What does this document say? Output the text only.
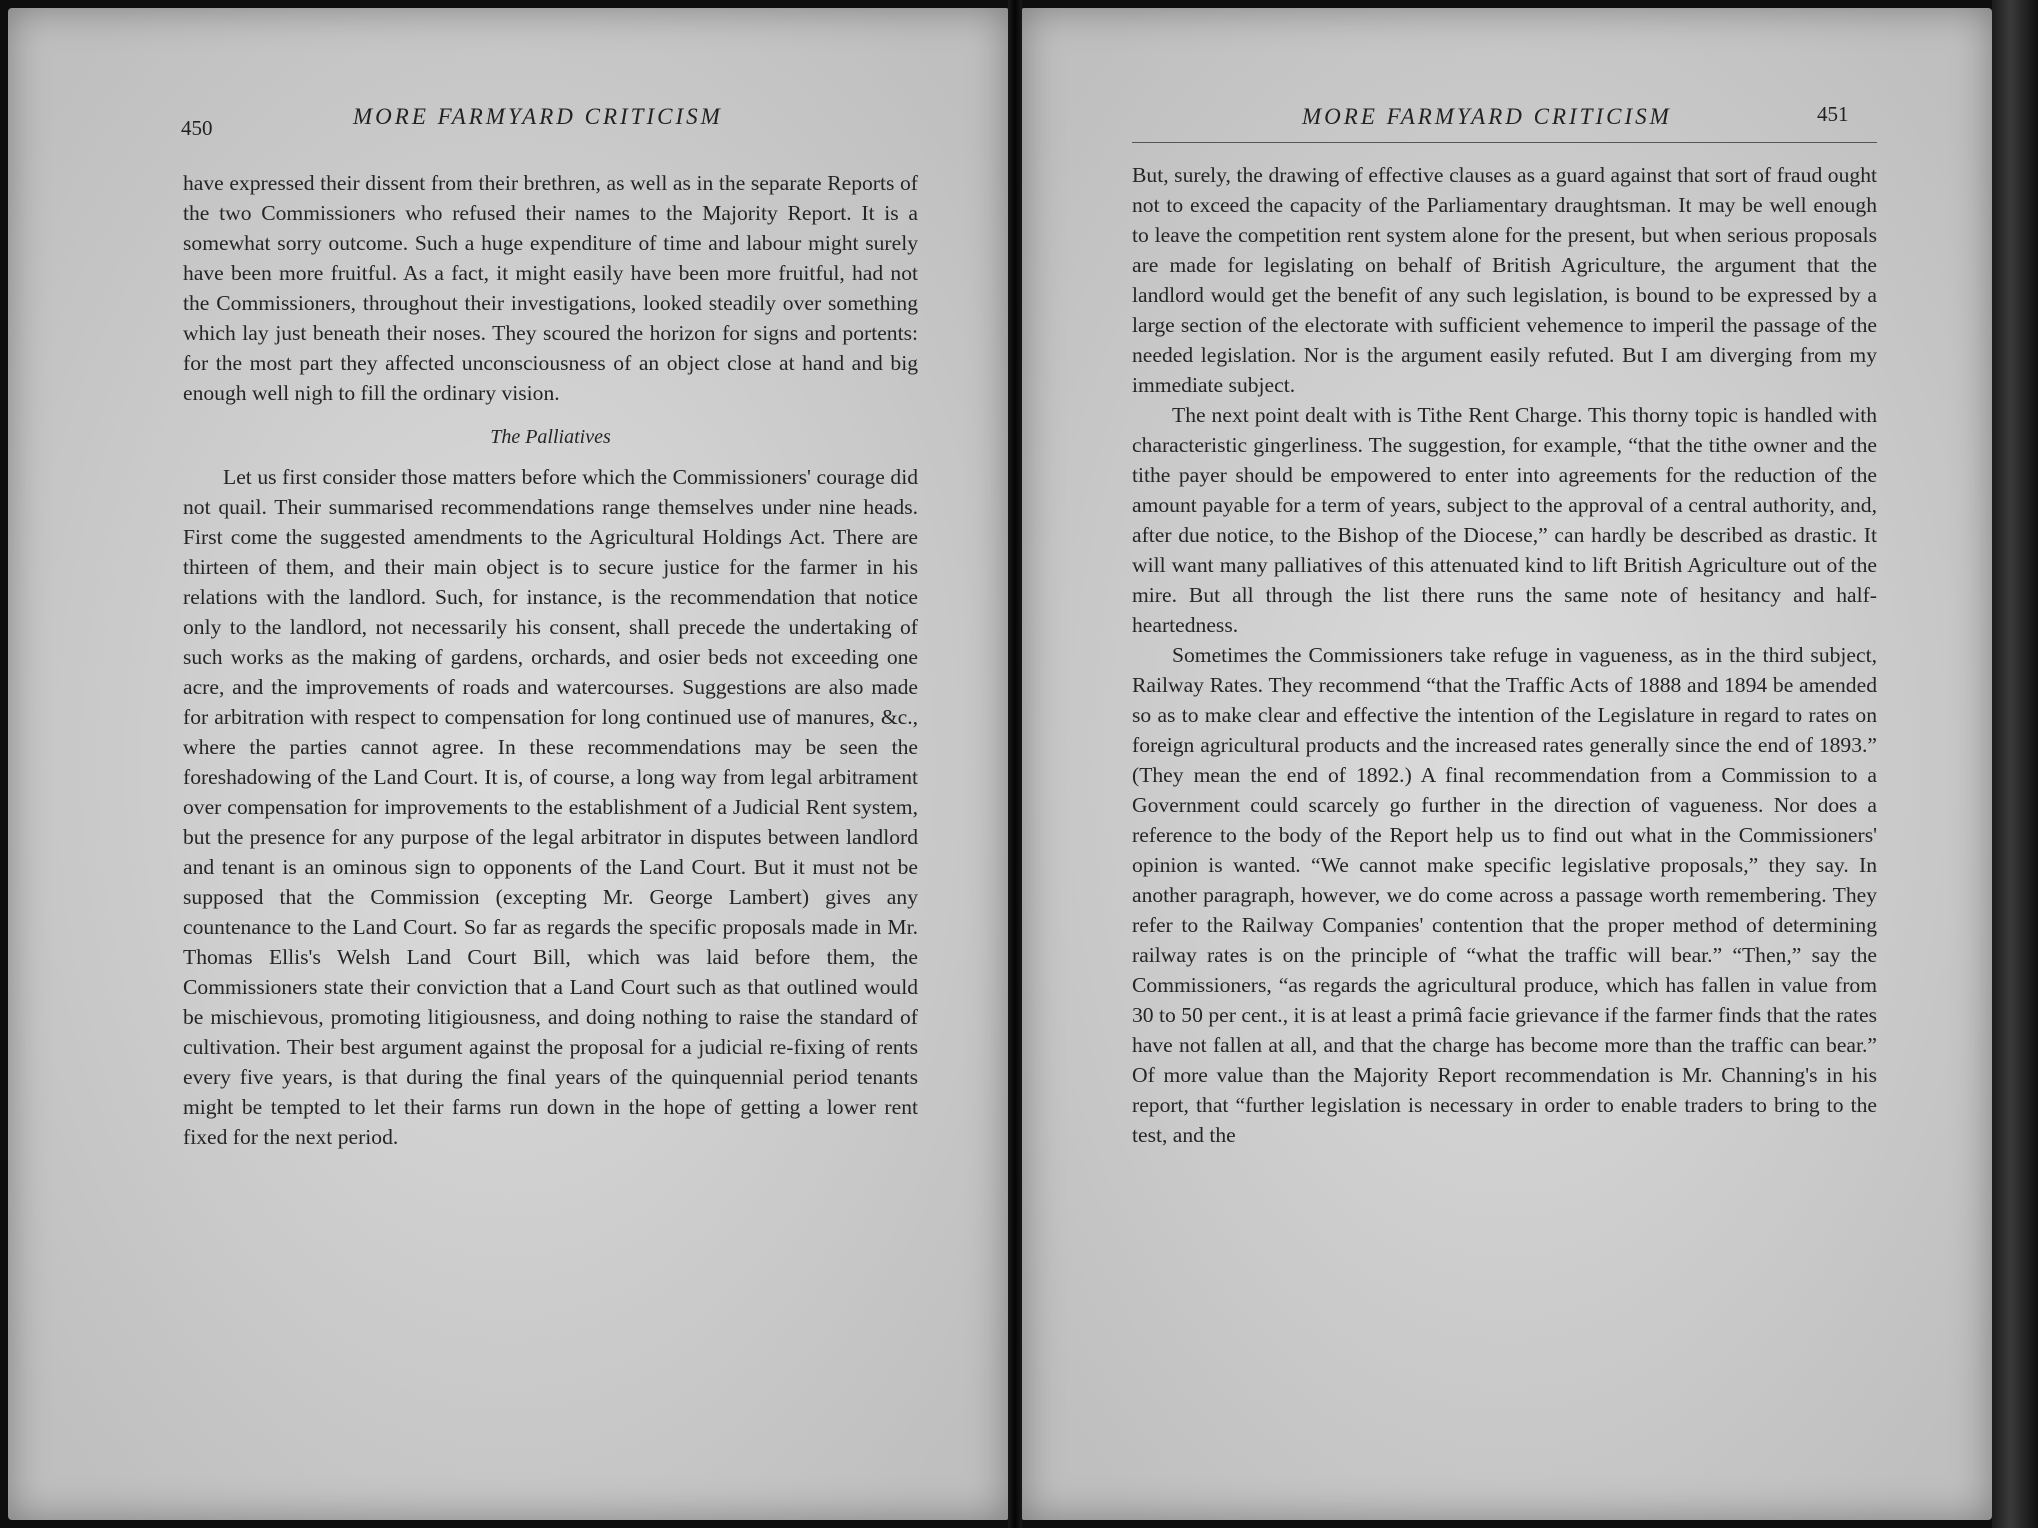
450	MORE FARMYARD CRITICISM

have expressed their dissent from their brethren, as well as in the separate Reports of the two Commissioners who refused their names to the Majority Report. It is a somewhat sorry outcome. Such a huge expenditure of time and labour might surely have been more fruitful. As a fact, it might easily have been more fruitful, had not the Commissioners, throughout their investigations, looked steadily over something which lay just beneath their noses. They scoured the horizon for signs and portents: for the most part they affected unconsciousness of an object close at hand and big enough well nigh to fill the ordinary vision.

The Palliatives

Let us first consider those matters before which the Commissioners' courage did not quail. Their summarised recommendations range themselves under nine heads. First come the suggested amendments to the Agricultural Holdings Act. There are thirteen of them, and their main object is to secure justice for the farmer in his relations with the landlord. Such, for instance, is the recommendation that notice only to the landlord, not necessarily his consent, shall precede the undertaking of such works as the making of gardens, orchards, and osier beds not exceeding one acre, and the improvements of roads and watercourses. Suggestions are also made for arbitration with respect to compensation for long continued use of manures, &c., where the parties cannot agree. In these recommendations may be seen the foreshadowing of the Land Court. It is, of course, a long way from legal arbitrament over compensation for improvements to the establishment of a Judicial Rent system, but the presence for any purpose of the legal arbitrator in disputes between landlord and tenant is an ominous sign to opponents of the Land Court. But it must not be supposed that the Commission (excepting Mr. George Lambert) gives any countenance to the Land Court. So far as regards the specific proposals made in Mr. Thomas Ellis's Welsh Land Court Bill, which was laid before them, the Commissioners state their conviction that a Land Court such as that outlined would be mischievous, promoting litigiousness, and doing nothing to raise the standard of cultivation. Their best argument against the proposal for a judicial re-fixing of rents every five years, is that during the final years of the quinquennial period tenants might be tempted to let their farms run down in the hope of getting a lower rent fixed for the next period.

MORE FARMYARD CRITICISM	451

But, surely, the drawing of effective clauses as a guard against that sort of fraud ought not to exceed the capacity of the Parliamentary draughtsman. It may be well enough to leave the competition rent system alone for the present, but when serious proposals are made for legislating on behalf of British Agriculture, the argument that the landlord would get the benefit of any such legislation, is bound to be expressed by a large section of the electorate with sufficient vehemence to imperil the passage of the needed legislation. Nor is the argument easily refuted. But I am diverging from my immediate subject.

The next point dealt with is Tithe Rent Charge. This thorny topic is handled with characteristic gingerliness. The suggestion, for example, “that the tithe owner and the tithe payer should be empowered to enter into agreements for the reduction of the amount payable for a term of years, subject to the approval of a central authority, and, after due notice, to the Bishop of the Diocese,” can hardly be described as drastic. It will want many palliatives of this attenuated kind to lift British Agriculture out of the mire. But all through the list there runs the same note of hesitancy and half-heartedness.

Sometimes the Commissioners take refuge in vagueness, as in the third subject, Railway Rates. They recommend “that the Traffic Acts of 1888 and 1894 be amended so as to make clear and effective the intention of the Legislature in regard to rates on foreign agricultural products and the increased rates generally since the end of 1893.” (They mean the end of 1892.) A final recommendation from a Commission to a Government could scarcely go further in the direction of vagueness. Nor does a reference to the body of the Report help us to find out what in the Commissioners' opinion is wanted. “We cannot make specific legislative proposals,” they say. In another paragraph, however, we do come across a passage worth remembering. They refer to the Railway Companies' contention that the proper method of determining railway rates is on the principle of “what the traffic will bear.” “Then,” say the Commissioners, “as regards the agricultural produce, which has fallen in value from 30 to 50 per cent., it is at least a primâ facie grievance if the farmer finds that the rates have not fallen at all, and that the charge has become more than the traffic can bear.” Of more value than the Majority Report recommendation is Mr. Channing's in his report, that “further legislation is necessary in order to enable traders to bring to the test, and the
